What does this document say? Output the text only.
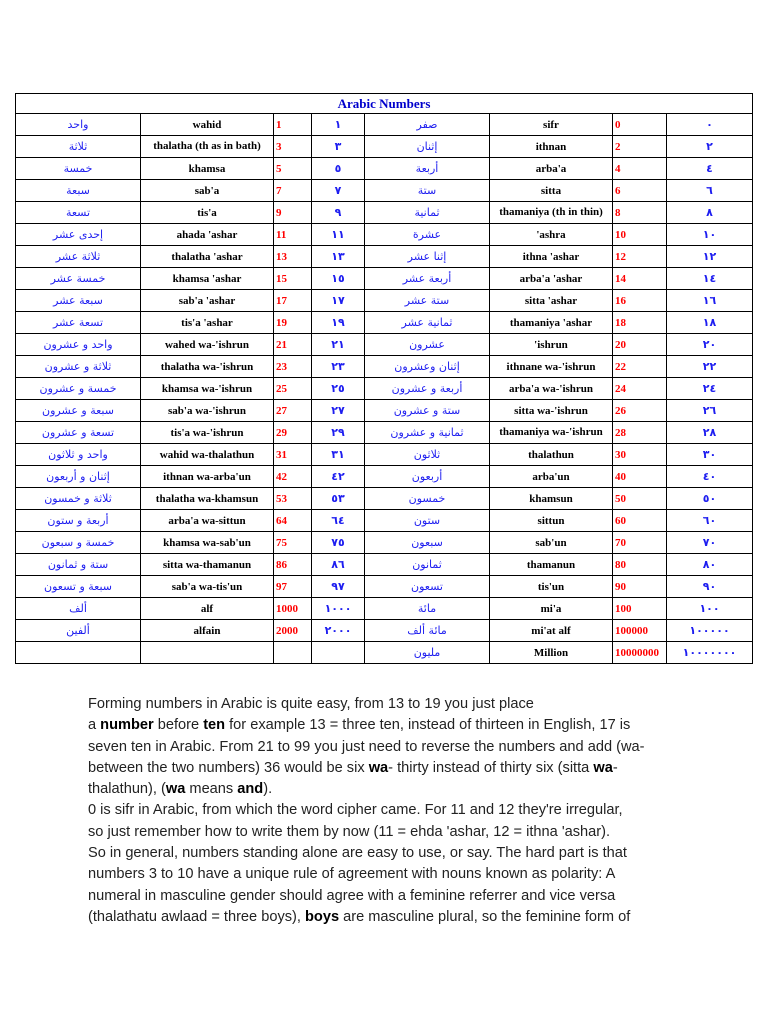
Arabic Numbers							
واحد	wahid	1	١	صفر	sifr	0	٠
ثلاثة	thalatha (th as in bath)	3	٣	إثنان	ithnan	2	٢
خمسة	khamsa	5	٥	أربعة	arba'a	4	٤
سبعة	sab'a	7	٧	ستة	sitta	6	٦
تسعة	tis'a	9	٩	ثمانية	thamaniya (th in thin)	8	٨
إحدى عشر	ahada 'ashar	11	١١	عشرة	'ashra	10	١٠
ثلاثة عشر	thalatha 'ashar	13	١٣	إثنا عشر	ithna 'ashar	12	١٢
خمسة عشر	khamsa 'ashar	15	١٥	أربعة عشر	arba'a 'ashar	14	١٤
سبعة عشر	sab'a 'ashar	17	١٧	ستة عشر	sitta 'ashar	16	١٦
تسعة عشر	tis'a 'ashar	19	١٩	ثمانية عشر	thamaniya 'ashar	18	١٨
واحد و عشرون	wahed wa-'ishrun	21	٢١	عشرون	'ishrun	20	٢٠
ثلاثة و عشرون	thalatha wa-'ishrun	23	٢٣	إثنان وعشرون	ithnane wa-'ishrun	22	٢٢
خمسة و عشرون	khamsa wa-'ishrun	25	٢٥	أربعة و عشرون	arba'a wa-'ishrun	24	٢٤
سبعة و عشرون	sab'a wa-'ishrun	27	٢٧	ستة و عشرون	sitta wa-'ishrun	26	٢٦
تسعة و عشرون	tis'a wa-'ishrun	29	٢٩	ثمانية و عشرون	thamaniya wa-'ishrun	28	٢٨
واحد و ثلاثون	wahid wa-thalathun	31	٣١	ثلاثون	thalathun	30	٣٠
إثنان و أربعون	ithnan wa-arba'un	42	٤٢	أربعون	arba'un	40	٤٠
ثلاثة و خمسون	thalatha wa-khamsun	53	٥٣	خمسون	khamsun	50	٥٠
أربعة و ستون	arba'a wa-sittun	64	٦٤	ستون	sittun	60	٦٠
خمسة و سبعون	khamsa wa-sab'un	75	٧٥	سبعون	sab'un	70	٧٠
ستة و ثمانون	sitta wa-thamanun	86	٨٦	ثمانون	thamanun	80	٨٠
سبعة و تسعون	sab'a wa-tis'un	97	٩٧	تسعون	tis'un	90	٩٠
ألف	alf	1000	١٠٠٠	مائة	mi'a	100	١٠٠
ألفين	alfain	2000	٢٠٠٠	مائة ألف	mi'at alf	100000	١٠٠٠٠٠
				مليون	Million	10000000	١٠٠٠٠٠٠٠
Forming numbers in Arabic is quite easy, from 13 to 19 you just place
a number before ten for example 13 = three ten, instead of thirteen in English, 17 is
seven ten in Arabic. From 21 to 99 you just need to reverse the numbers and add (wa-
between the two numbers) 36 would be six wa- thirty instead of thirty six (sitta wa-
thalathun), (wa means and).
0 is sifr in Arabic, from which the word cipher came. For 11 and 12 they're irregular,
so just remember how to write them by now (11 = ehda 'ashar, 12 = ithna 'ashar).
So in general, numbers standing alone are easy to use, or say. The hard part is that
numbers 3 to 10 have a unique rule of agreement with nouns known as polarity: A
numeral in masculine gender should agree with a feminine referrer and vice versa
(thalathatu awlaad = three boys), boys are masculine plural, so the feminine form of
